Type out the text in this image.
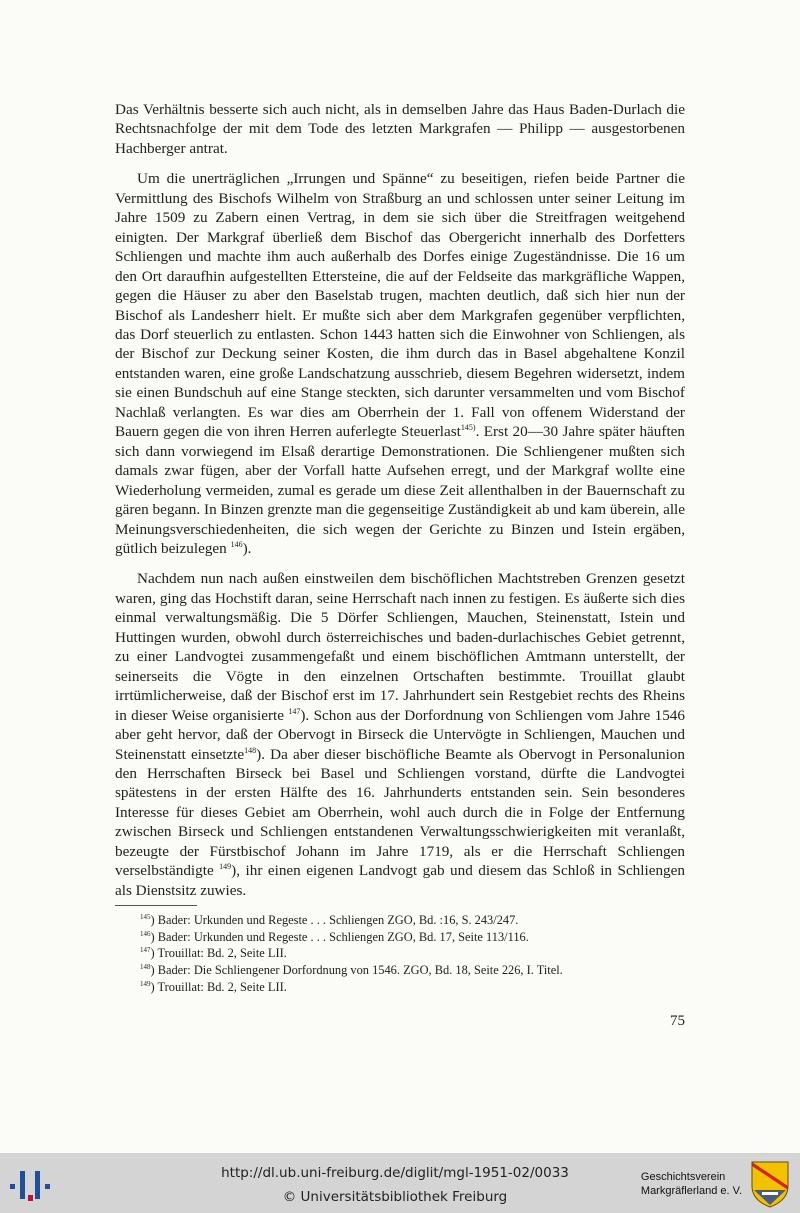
Das Verhältnis besserte sich auch nicht, als in demselben Jahre das Haus Baden-Durlach die Rechtsnachfolge der mit dem Tode des letzten Markgrafen — Philipp — ausgestorbenen Hachberger antrat.

Um die unerträglichen „Irrungen und Spänne“ zu beseitigen, riefen beide Partner die Vermittlung des Bischofs Wilhelm von Straßburg an und schlossen unter seiner Leitung im Jahre 1509 zu Zabern einen Vertrag, in dem sie sich über die Streitfragen weitgehend einigten. Der Markgraf überließ dem Bischof das Obergericht innerhalb des Dorfetters Schliengen und machte ihm auch außerhalb des Dorfes einige Zugeständnisse. Die 16 um den Ort daraufhin aufgestellten Ettersteine, die auf der Feldseite das markgräfliche Wappen, gegen die Häuser zu aber den Baselstab trugen, machten deutlich, daß sich hier nun der Bischof als Landesherr hielt. Er mußte sich aber dem Markgrafen gegenüber verpflichten, das Dorf steuerlich zu entlasten. Schon 1443 hatten sich die Einwohner von Schliengen, als der Bischof zur Deckung seiner Kosten, die ihm durch das in Basel abgehaltene Konzil entstanden waren, eine große Landschatzung ausschrieb, diesem Begehren widersetzt, indem sie einen Bundschuh auf eine Stange steckten, sich darunter versammelten und vom Bischof Nachlaß verlangten. Es war dies am Oberrhein der 1. Fall von offenem Widerstand der Bauern gegen die von ihren Herren auferlegte Steuerlast$^{145)}$. Erst 20—30 Jahre später häuften sich dann vorwiegend im Elsaß derartige Demonstrationen. Die Schliengener mußten sich damals zwar fügen, aber der Vorfall hatte Aufsehen erregt, und der Markgraf wollte eine Wiederholung vermeiden, zumal es gerade um diese Zeit allenthalben in der Bauernschaft zu gären begann. In Binzen grenzte man die gegenseitige Zuständigkeit ab und kam überein, alle Meinungsverschiedenheiten, die sich wegen der Gerichte zu Binzen und Istein ergäben, gütlich beizulegen $^{146}$).

Nachdem nun nach außen einstweilen dem bischöflichen Machtstreben Grenzen gesetzt waren, ging das Hochstift daran, seine Herrschaft nach innen zu festigen. Es äußerte sich dies einmal verwaltungsmäßig. Die 5 Dörfer Schliengen, Mauchen, Steinenstatt, Istein und Huttingen wurden, obwohl durch österreichisches und baden-durlachisches Gebiet getrennt, zu einer Landvogtei zusammengefaßt und einem bischöflichen Amtmann unterstellt, der seinerseits die Vögte in den einzelnen Ortschaften bestimmte. Trouillat glaubt irrtümlicherweise, daß der Bischof erst im 17. Jahrhundert sein Restgebiet rechts des Rheins in dieser Weise organisierte $^{147}$). Schon aus der Dorfordnung von Schliengen vom Jahre 1546 aber geht hervor, daß der Obervogt in Birseck die Untervögte in Schliengen, Mauchen und Steinenstatt einsetzte$^{148}$). Da aber dieser bischöfliche Beamte als Obervogt in Personalunion den Herrschaften Birseck bei Basel und Schliengen vorstand, dürfte die Landvogtei spätestens in der ersten Hälfte des 16. Jahrhunderts entstanden sein. Sein besonderes Interesse für dieses Gebiet am Oberrhein, wohl auch durch die in Folge der Entfernung zwischen Birseck und Schliengen entstandenen Verwaltungsschwierigkeiten mit veranlaßt, bezeugte der Fürstbischof Johann im Jahre 1719, als er die Herrschaft Schliengen verselbständigte $^{149}$), ihr einen eigenen Landvogt gab und diesem das Schloß in Schliengen als Dienstsitz zuwies.

$^{145}$) Bader: Urkunden und Regeste . . . Schliengen ZGO, Bd. :16, S. 243/247.
$^{146}$) Bader: Urkunden und Regeste . . . Schliengen ZGO, Bd. 17, Seite 113/116.
$^{147}$) Trouillat: Bd. 2, Seite LII.
$^{148}$) Bader: Die Schliengener Dorfordnung von 1546. ZGO, Bd. 18, Seite 226, I. Titel.
$^{149}$) Trouillat: Bd. 2, Seite LII.
75
http://dl.ub.uni-freiburg.de/diglit/mgl-1951-02/0033
© Universitätsbibliothek Freiburg
Geschichtsverein
Markgräflerland e. V.
